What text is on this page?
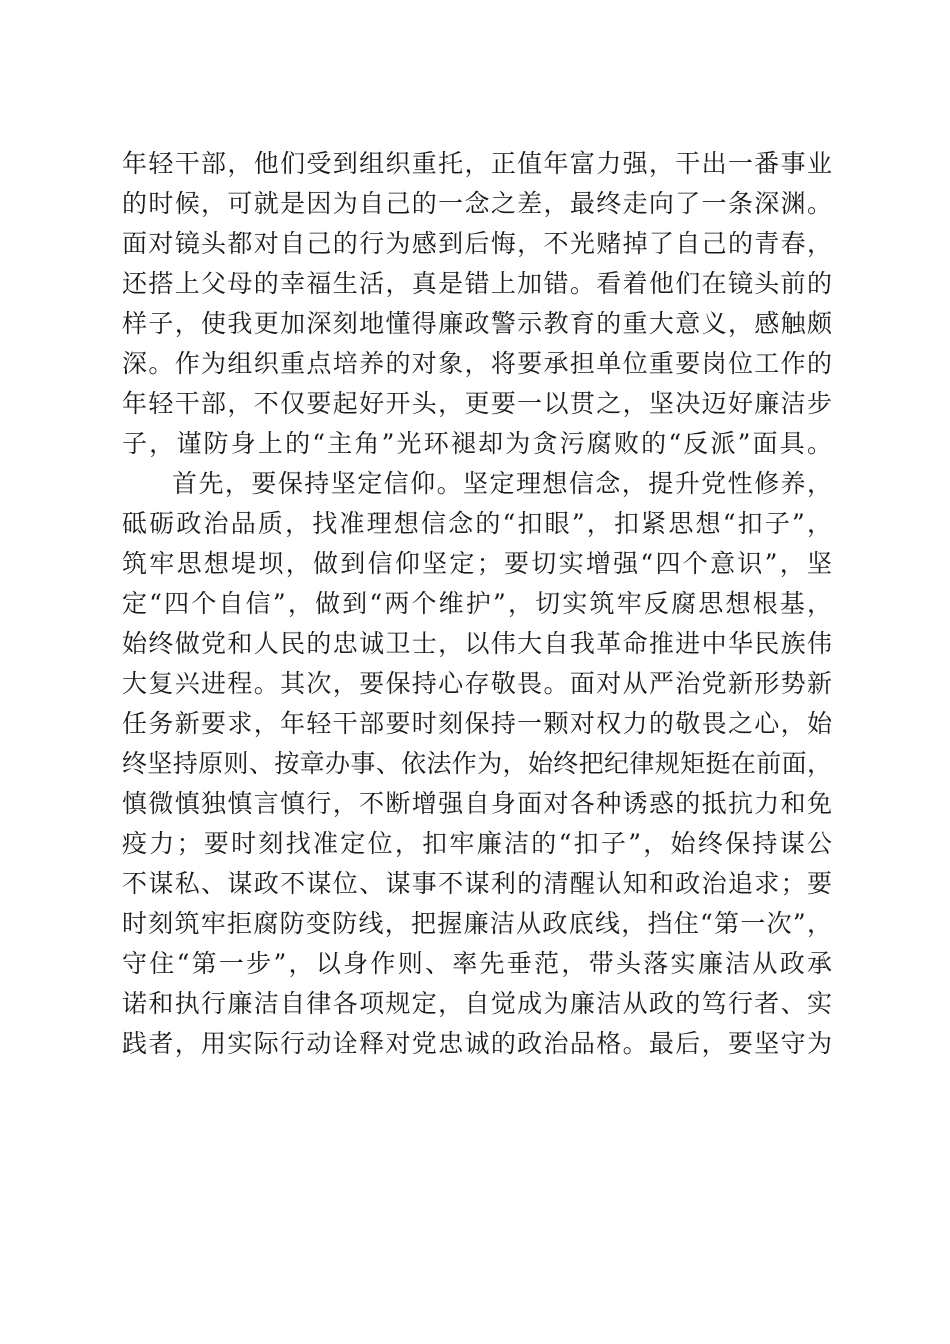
年轻干部，他们受到组织重托，正值年富力强，干出一番事业
的时候，可就是因为自己的一念之差，最终走向了一条深渊。
面对镜头都对自己的行为感到后悔，不光赌掉了自己的青春，
还搭上父母的幸福生活，真是错上加错。看着他们在镜头前的
样子，使我更加深刻地懂得廉政警示教育的重大意义，感触颇
深。作为组织重点培养的对象，将要承担单位重要岗位工作的
年轻干部，不仅要起好开头，更要一以贯之，坚决迈好廉洁步
子，谨防身上的“主角”光环褪却为贪污腐败的“反派”面具。
首先，要保持坚定信仰。坚定理想信念，提升党性修养，
砥砺政治品质，找准理想信念的“扣眼”，扣紧思想“扣子”，
筑牢思想堤坝，做到信仰坚定；要切实增强“四个意识”，坚
定“四个自信”，做到“两个维护”，切实筑牢反腐思想根基，
始终做党和人民的忠诚卫士，以伟大自我革命推进中华民族伟
大复兴进程。其次，要保持心存敬畏。面对从严治党新形势新
任务新要求，年轻干部要时刻保持一颗对权力的敬畏之心，始
终坚持原则、按章办事、依法作为，始终把纪律规矩挺在前面，
慎微慎独慎言慎行，不断增强自身面对各种诱惑的抵抗力和免
疫力；要时刻找准定位，扣牢廉洁的“扣子”，始终保持谋公
不谋私、谋政不谋位、谋事不谋利的清醒认知和政治追求；要
时刻筑牢拒腐防变防线，把握廉洁从政底线，挡住“第一次”，
守住“第一步”，以身作则、率先垂范，带头落实廉洁从政承
诺和执行廉洁自律各项规定，自觉成为廉洁从政的笃行者、实
践者，用实际行动诠释对党忠诚的政治品格。最后，要坚守为
